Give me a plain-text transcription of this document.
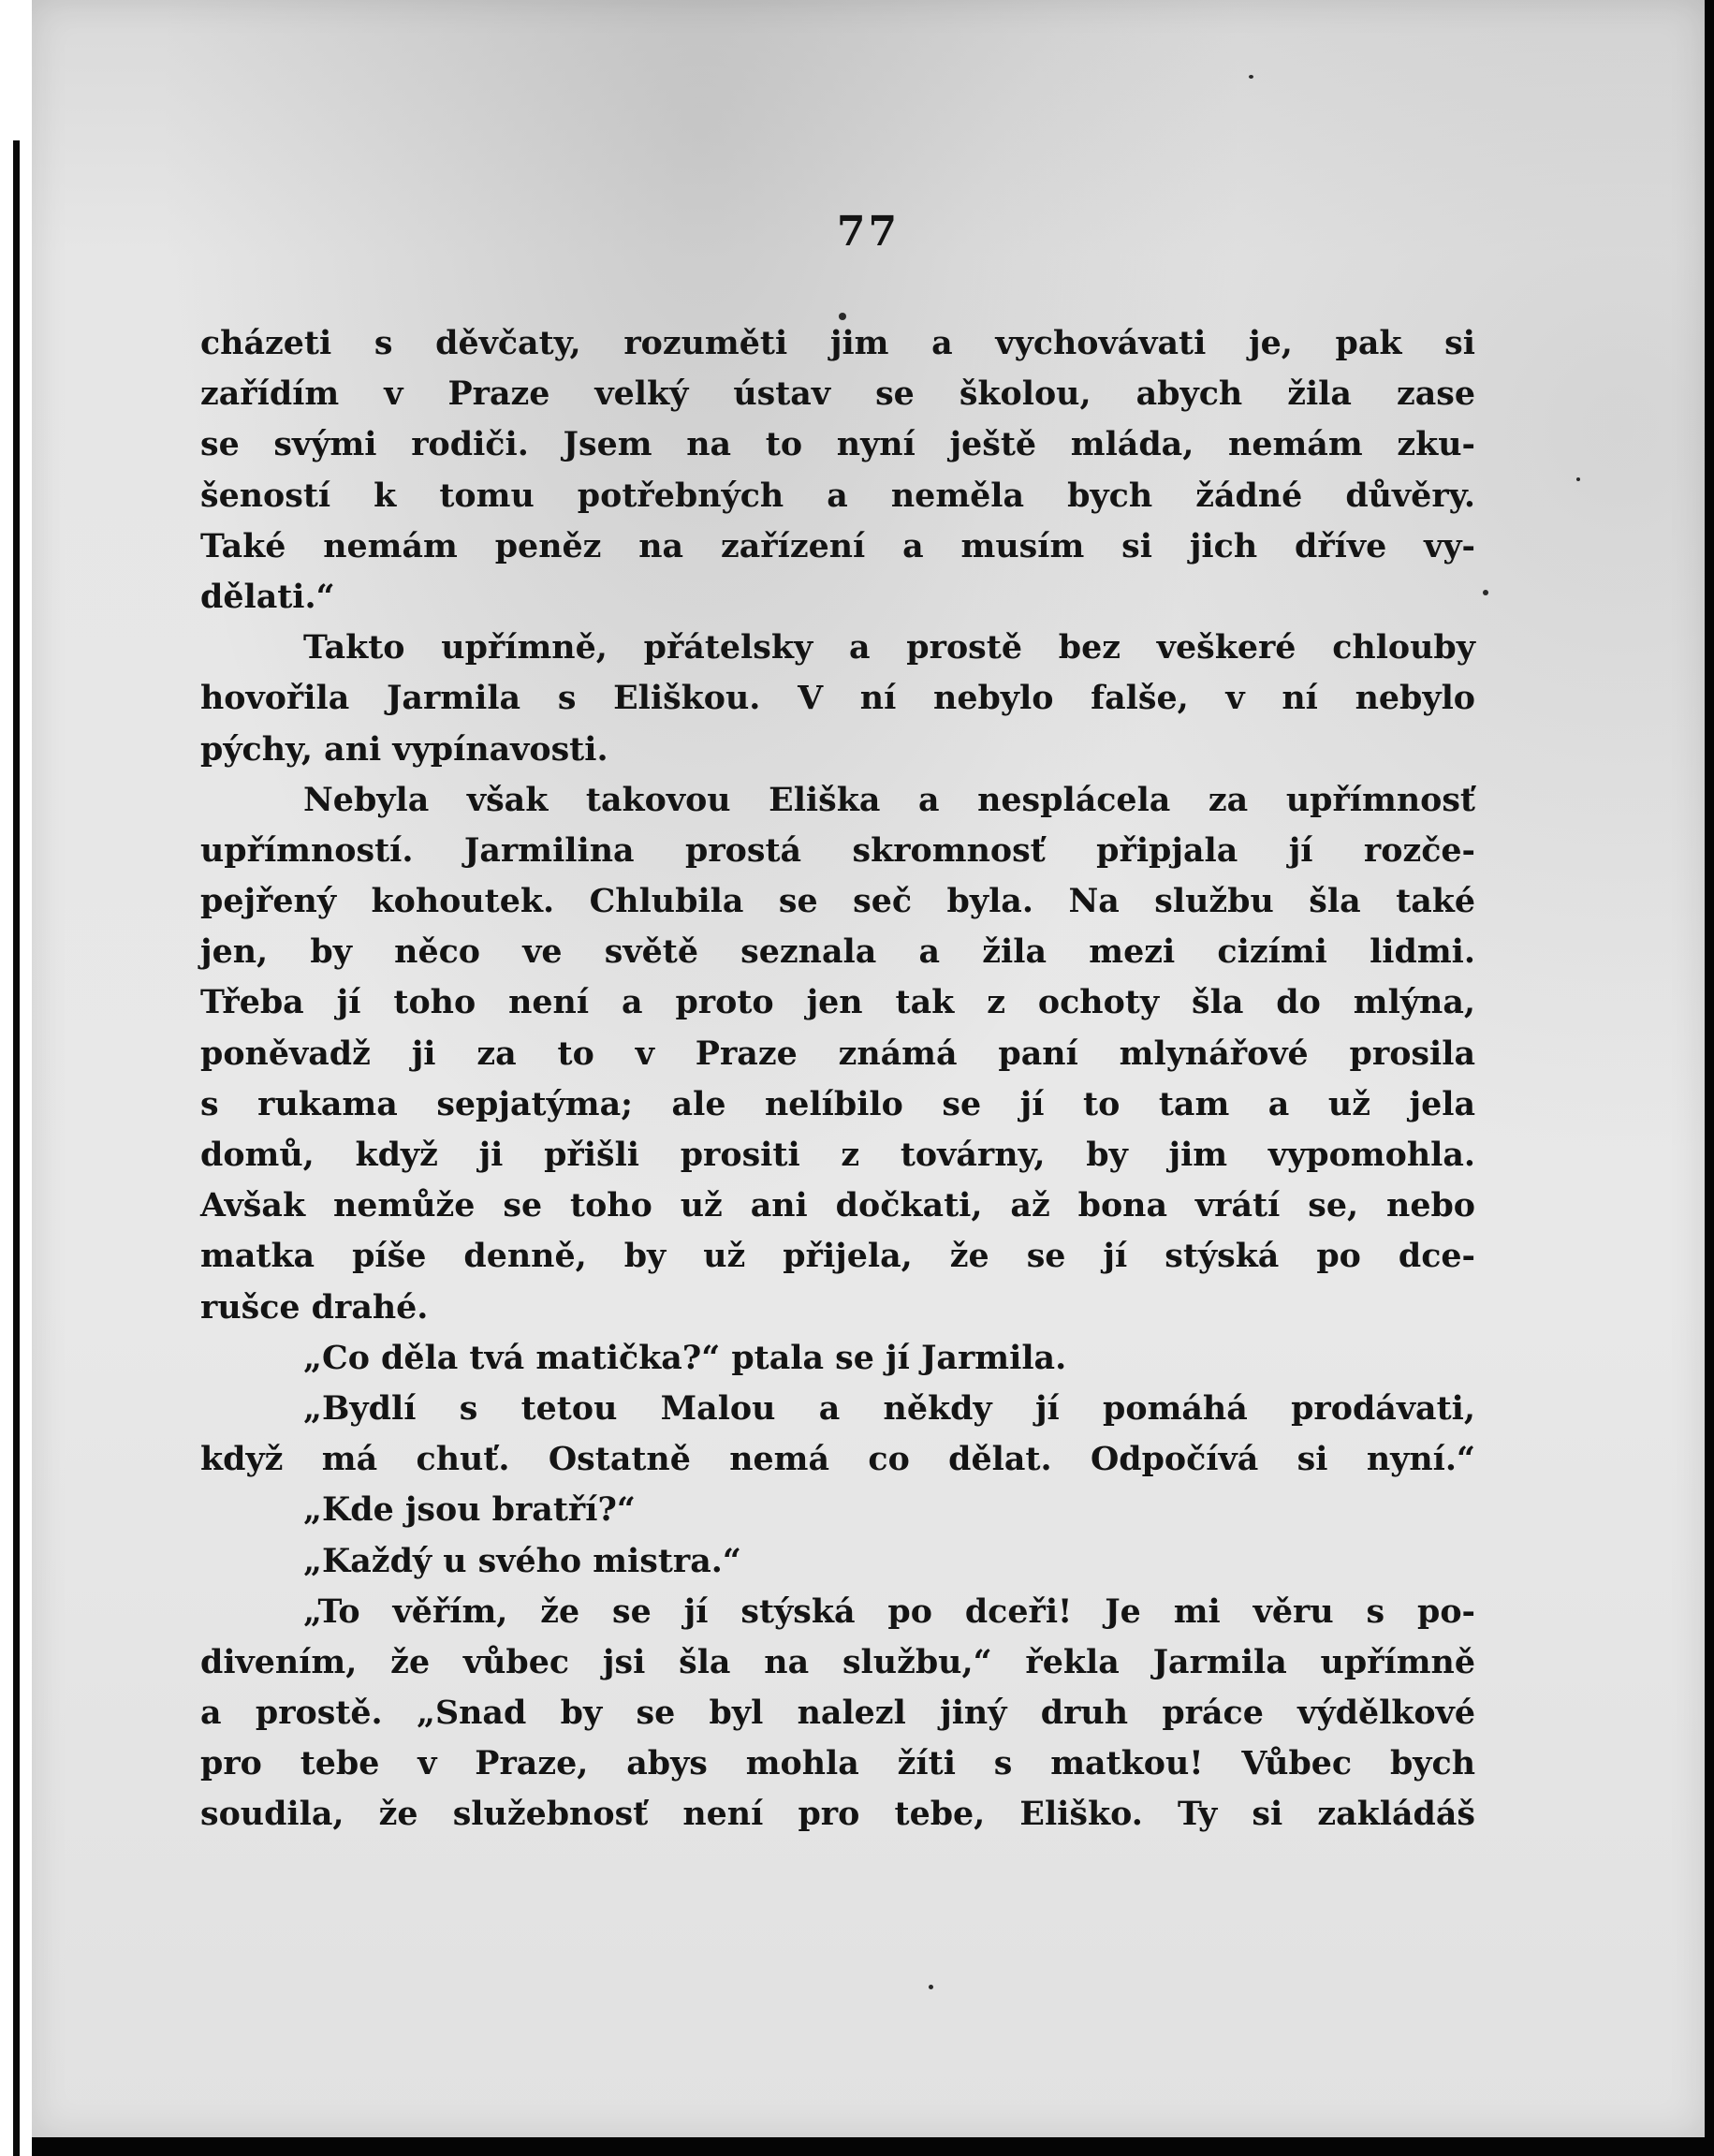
77
cházeti s děvčaty, rozuměti jim a vychovávati je, pak si
zařídím v Praze velký ústav se školou, abych žila zase
se svými rodiči. Jsem na to nyní ještě mláda, nemám zku-
šeností k tomu potřebných a neměla bych žádné důvěry.
Také nemám peněz na zařízení a musím si jich dříve vy-
dělati.“
Takto upřímně, přátelsky a prostě bez veškeré chlouby
hovořila Jarmila s Eliškou. V ní nebylo falše, v ní nebylo
pýchy, ani vypínavosti.
Nebyla však takovou Eliška a nesplácela za upřímnosť
upřímností. Jarmilina prostá skromnosť připjala jí rozče-
pejřený kohoutek. Chlubila se seč byla. Na službu šla také
jen, by něco ve světě seznala a žila mezi cizími lidmi.
Třeba jí toho není a proto jen tak z ochoty šla do mlýna,
poněvadž ji za to v Praze známá paní mlynářové prosila
s rukama sepjatýma; ale nelíbilo se jí to tam a už jela
domů, když ji přišli prositi z továrny, by jim vypomohla.
Avšak nemůže se toho už ani dočkati, až bona vrátí se, nebo
matka píše denně, by už přijela, že se jí stýská po dce-
rušce drahé.
„Co děla tvá matička?“ ptala se jí Jarmila.
„Bydlí s tetou Malou a někdy jí pomáhá prodávati,
když má chuť. Ostatně nemá co dělat. Odpočívá si nyní.“
„Kde jsou bratří?“
„Každý u svého mistra.“
„To věřím, že se jí stýská po dceři! Je mi věru s po-
divením, že vůbec jsi šla na službu,“ řekla Jarmila upřímně
a prostě. „Snad by se byl nalezl jiný druh práce výdělkové
pro tebe v Praze, abys mohla žíti s matkou! Vůbec bych
soudila, že služebnosť není pro tebe, Eliško. Ty si zakládáš
